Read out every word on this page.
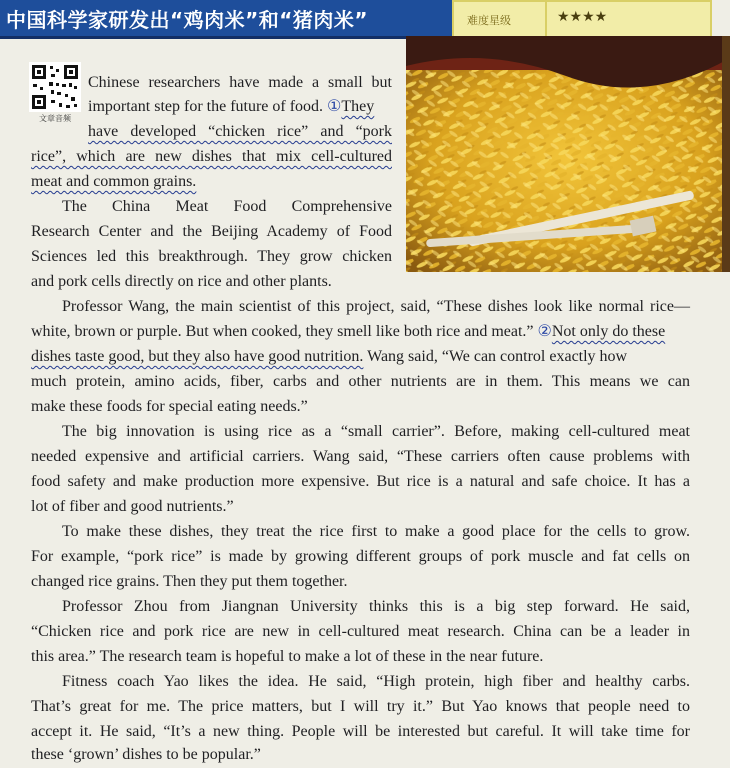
中国科学家研发出“鸡肉米”和“猪肉米”	难度星级	★★★★
文章音频
Chinese researchers have made a small but
important step for the future of food. ①They
have developed “chicken rice” and “pork
rice”, which are new dishes that mix cell-cultured
meat and common grains.
The China Meat Food Comprehensive
Research Center and the Beijing Academy of Food
Sciences led this breakthrough. They grow chicken
and pork cells directly on rice and other plants.
Professor Wang, the main scientist of this project, said, “These dishes look like normal rice—
white, brown or purple. But when cooked, they smell like both rice and meat.” ②Not only do these
dishes taste good, but they also have good nutrition. Wang said, “We can control exactly how
much protein, amino acids, fiber, carbs and other nutrients are in them. This means we can
make these foods for special eating needs.”
The big innovation is using rice as a “small carrier”. Before, making cell-cultured meat
needed expensive and artificial carriers. Wang said, “These carriers often cause problems with
food safety and make production more expensive. But rice is a natural and safe choice. It has a
lot of fiber and good nutrients.”
To make these dishes, they treat the rice first to make a good place for the cells to grow.
For example, “pork rice” is made by growing different groups of pork muscle and fat cells on
changed rice grains. Then they put them together.
Professor Zhou from Jiangnan University thinks this is a big step forward. He said,
“Chicken rice and pork rice are new in cell-cultured meat research. China can be a leader in
this area.” The research team is hopeful to make a lot of these in the near future.
Fitness coach Yao likes the idea. He said, “High protein, high fiber and healthy carbs.
That’s great for me. The price matters, but I will try it.” But Yao knows that people need to
accept it. He said, “It’s a new thing. People will be interested but careful. It will take time for
these ‘grown’ dishes to be popular.”
